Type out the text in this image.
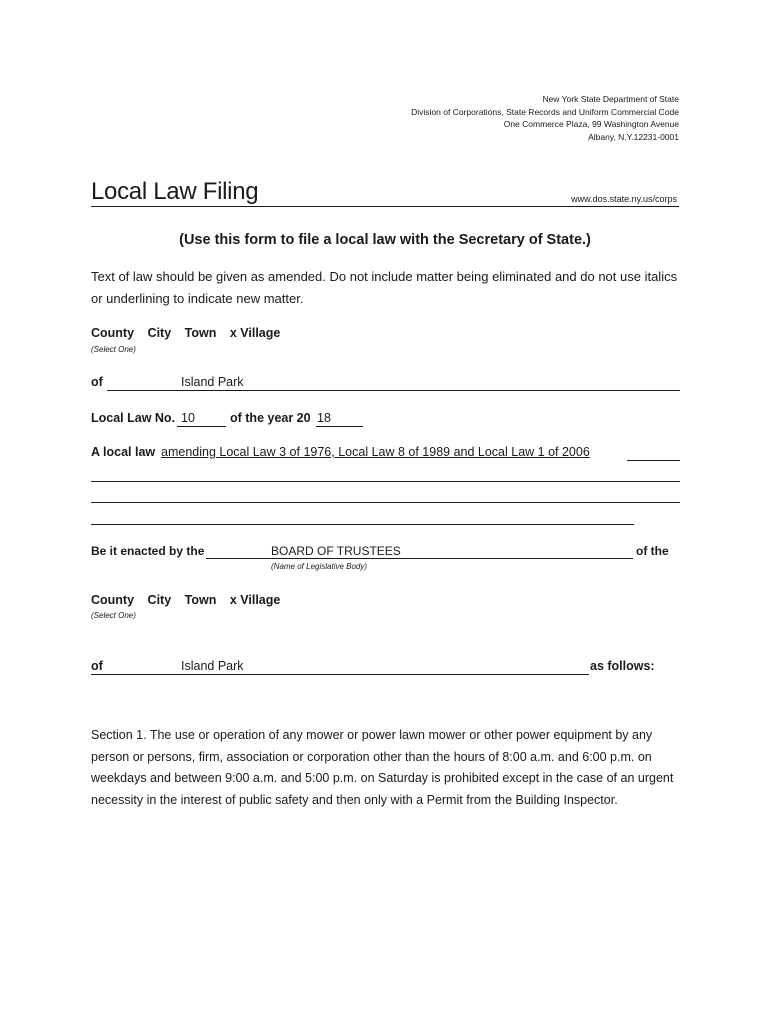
New York State Department of State
Division of Corporations, State Records and Uniform Commercial Code
One Commerce Plaza, 99 Washington Avenue
Albany, N.Y.12231-0001
Local Law Filing	www.dos.state.ny.us/corps
(Use this form to file a local law with the Secretary of State.)
Text of law should be given as amended. Do not include matter being eliminated and do not use italics or underlining to indicate new matter.
County City Town x Village
(Select One)
of	Island Park
Local Law No. 10	of the year 20 18
A local law amending Local Law 3 of 1976, Local Law 8 of 1989 and Local Law 1 of 2006
Be it enacted by the	BOARD OF TRUSTEES	of the
(Name of Legislative Body)
County City Town x Village
(Select One)
of	Island Park	as follows:
Section 1. The use or operation of any mower or power lawn mower or other power equipment by any person or persons, firm, association or corporation other than the hours of 8:00 a.m. and 6:00 p.m. on weekdays and between 9:00 a.m. and 5:00 p.m. on Saturday is prohibited except in the case of an urgent necessity in the interest of public safety and then only with a Permit from the Building Inspector.
